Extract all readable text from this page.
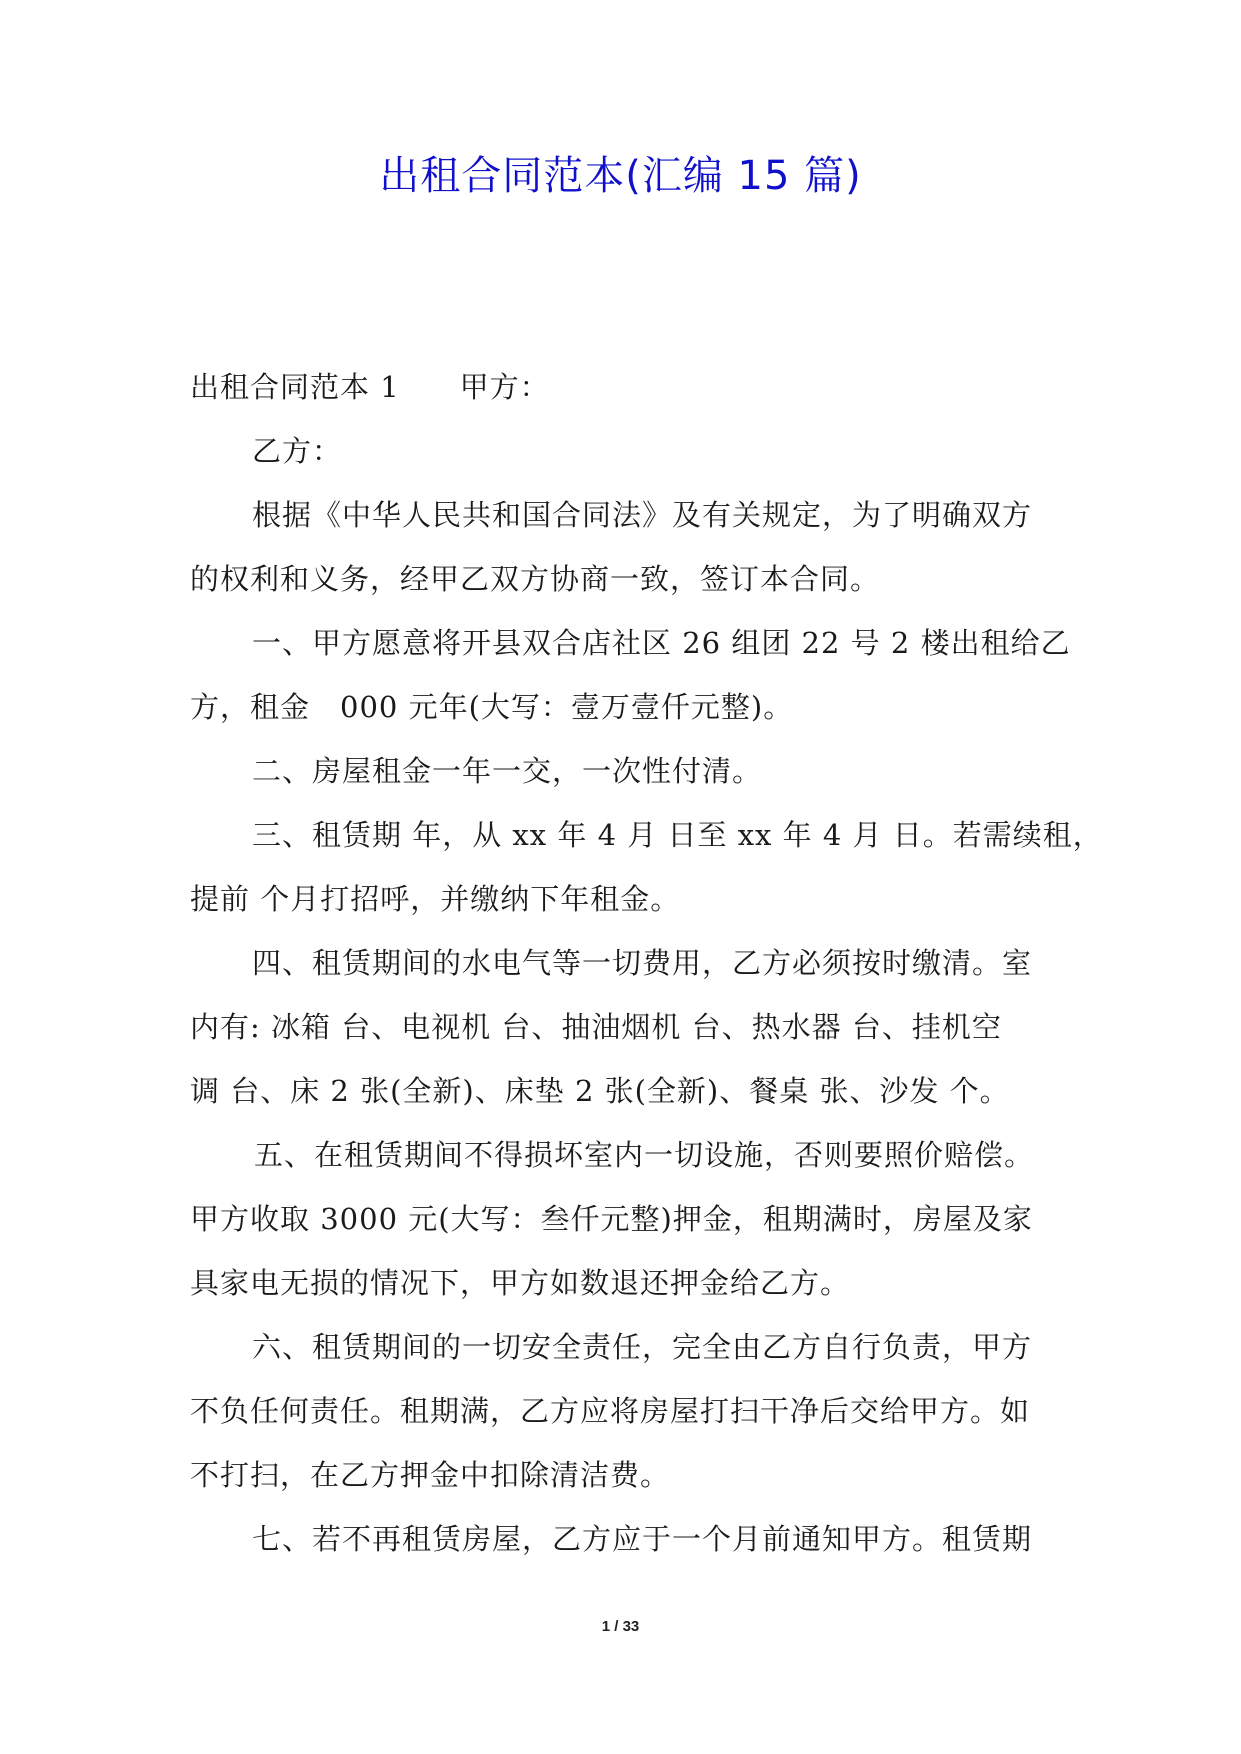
出租合同范本(汇编 15 篇)
出租合同范本 1 甲方：
乙方：
根据《中华人民共和国合同法》及有关规定，为了明确双方
的权利和义务，经甲乙双方协商一致，签订本合同。
一、甲方愿意将开县双合店社区 26 组团 22 号 2 楼出租给乙
方，租金　000 元年(大写：壹万壹仟元整)。
二、房屋租金一年一交，一次性付清。
三、租赁期 年，从 xx 年 4 月 日至 xx 年 4 月 日。若需续租，
提前 个月打招呼，并缴纳下年租金。
四、租赁期间的水电气等一切费用，乙方必须按时缴清。室
内有: 冰箱 台、电视机 台、抽油烟机 台、热水器 台、挂机空
调 台、床 2 张(全新)、床垫 2 张(全新)、餐桌 张、沙发 个。
五、在租赁期间不得损坏室内一切设施，否则要照价赔偿。
甲方收取 3000 元(大写：叁仟元整)押金，租期满时，房屋及家
具家电无损的情况下，甲方如数退还押金给乙方。
六、租赁期间的一切安全责任，完全由乙方自行负责，甲方
不负任何责任。租期满，乙方应将房屋打扫干净后交给甲方。如
不打扫，在乙方押金中扣除清洁费。
七、若不再租赁房屋，乙方应于一个月前通知甲方。租赁期
1 / 33
